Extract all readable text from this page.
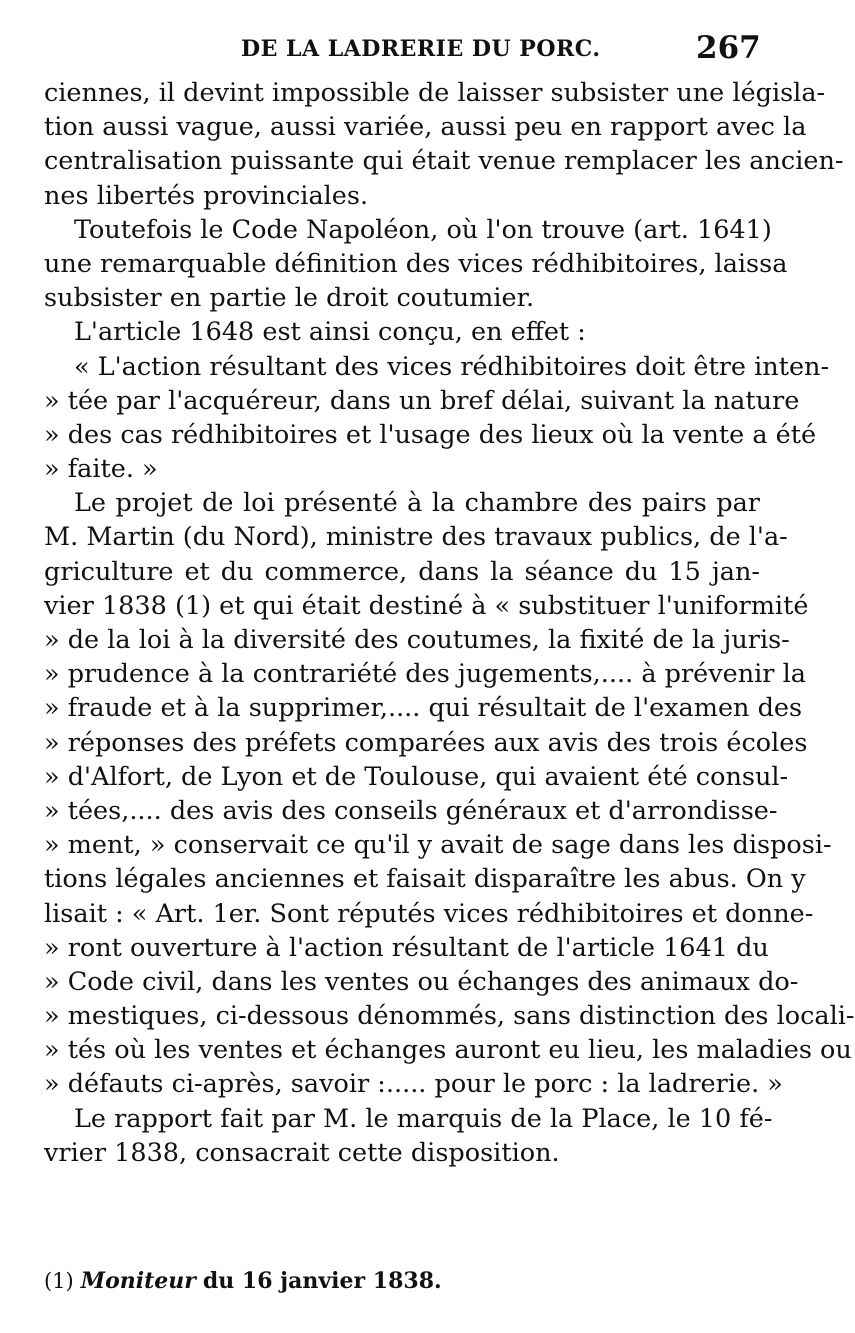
DE LA LADRERIE DU PORC.	267
ciennes, il devint impossible de laisser subsister une législa-
tion aussi vague, aussi variée, aussi peu en rapport avec la
centralisation puissante qui était venue remplacer les ancien-
nes libertés provinciales.
Toutefois le Code Napoléon, où l'on trouve (art. 1641)
une remarquable définition des vices rédhibitoires, laissa
subsister en partie le droit coutumier.
L'article 1648 est ainsi conçu, en effet :
« L'action résultant des vices rédhibitoires doit être inten-
» tée par l'acquéreur, dans un bref délai, suivant la nature
» des cas rédhibitoires et l'usage des lieux où la vente a été
» faite. »
Le projet de loi présenté à la chambre des pairs par
M. Martin (du Nord), ministre des travaux publics, de l'a-
griculture et du commerce, dans la séance du 15 jan-
vier 1838 (1) et qui était destiné à « substituer l'uniformité
» de la loi à la diversité des coutumes, la fixité de la juris-
» prudence à la contrariété des jugements,.... à prévenir la
» fraude et à la supprimer,.... qui résultait de l'examen des
» réponses des préfets comparées aux avis des trois écoles
» d'Alfort, de Lyon et de Toulouse, qui avaient été consul-
» tées,.... des avis des conseils généraux et d'arrondisse-
» ment, » conservait ce qu'il y avait de sage dans les disposi-
tions légales anciennes et faisait disparaître les abus. On y
lisait : « Art. 1er. Sont réputés vices rédhibitoires et donne-
» ront ouverture à l'action résultant de l'article 1641 du
» Code civil, dans les ventes ou échanges des animaux do-
» mestiques, ci-dessous dénommés, sans distinction des locali-
» tés où les ventes et échanges auront eu lieu, les maladies ou
» défauts ci-après, savoir :..... pour le porc : la ladrerie. »
Le rapport fait par M. le marquis de la Place, le 10 fé-
vrier 1838, consacrait cette disposition.
(1) Moniteur du 16 janvier 1838.
